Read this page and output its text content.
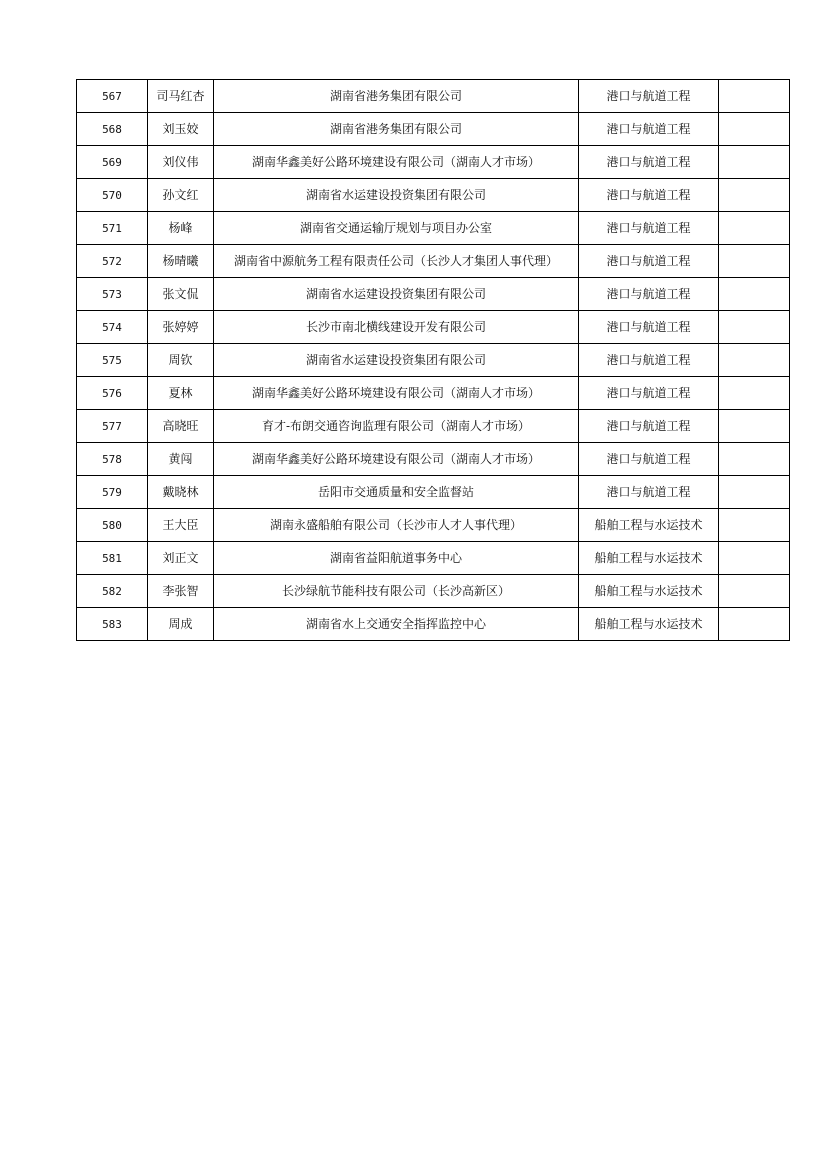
567	司马红杏	湖南省港务集团有限公司	港口与航道工程	
568	刘玉姣	湖南省港务集团有限公司	港口与航道工程	
569	刘仪伟	湖南华鑫美好公路环境建设有限公司（湖南人才市场）	港口与航道工程	
570	孙文红	湖南省水运建设投资集团有限公司	港口与航道工程	
571	杨峰	湖南省交通运输厅规划与项目办公室	港口与航道工程	
572	杨晴曦	湖南省中源航务工程有限责任公司（长沙人才集团人事代理）	港口与航道工程	
573	张文侃	湖南省水运建设投资集团有限公司	港口与航道工程	
574	张婷婷	长沙市南北横线建设开发有限公司	港口与航道工程	
575	周钦	湖南省水运建设投资集团有限公司	港口与航道工程	
576	夏林	湖南华鑫美好公路环境建设有限公司（湖南人才市场）	港口与航道工程	
577	高晓旺	育才-布朗交通咨询监理有限公司（湖南人才市场）	港口与航道工程	
578	黄闯	湖南华鑫美好公路环境建设有限公司（湖南人才市场）	港口与航道工程	
579	戴晓林	岳阳市交通质量和安全监督站	港口与航道工程	
580	王大臣	湖南永盛船舶有限公司（长沙市人才人事代理）	船舶工程与水运技术	
581	刘正文	湖南省益阳航道事务中心	船舶工程与水运技术	
582	李张智	长沙绿航节能科技有限公司（长沙高新区）	船舶工程与水运技术	
583	周成	湖南省水上交通安全指挥监控中心	船舶工程与水运技术	
